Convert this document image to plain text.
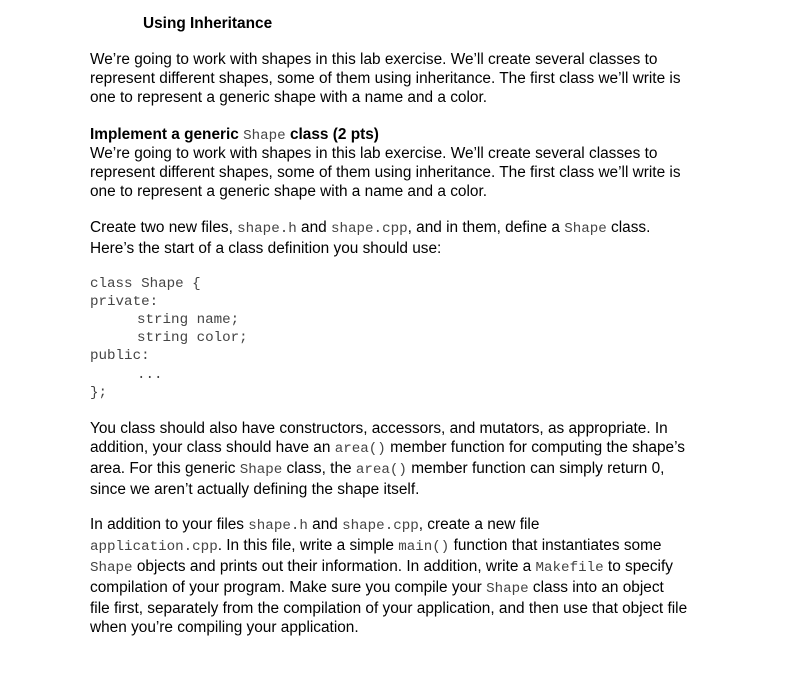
Using Inheritance

We’re going to work with shapes in this lab exercise. We’ll create several classes to
represent different shapes, some of them using inheritance. The first class we’ll write is
one to represent a generic shape with a name and a color.

Implement a generic Shape class (2 pts)

We’re going to work with shapes in this lab exercise. We’ll create several classes to
represent different shapes, some of them using inheritance. The first class we’ll write is
one to represent a generic shape with a name and a color.

Create two new files, shape.h and shape.cpp, and in them, define a Shape class.
Here’s the start of a class definition you should use:

class Shape {
private:
string name;
string color;
public:
...
};

You class should also have constructors, accessors, and mutators, as appropriate. In
addition, your class should have an area() member function for computing the shape’s
area. For this generic Shape class, the area() member function can simply return 0,
since we aren’t actually defining the shape itself.

In addition to your files shape.h and shape.cpp, create a new file
application.cpp. In this file, write a simple main() function that instantiates some
Shape objects and prints out their information. In addition, write a Makefile to specify
compilation of your program. Make sure you compile your Shape class into an object
file first, separately from the compilation of your application, and then use that object file
when you’re compiling your application.
